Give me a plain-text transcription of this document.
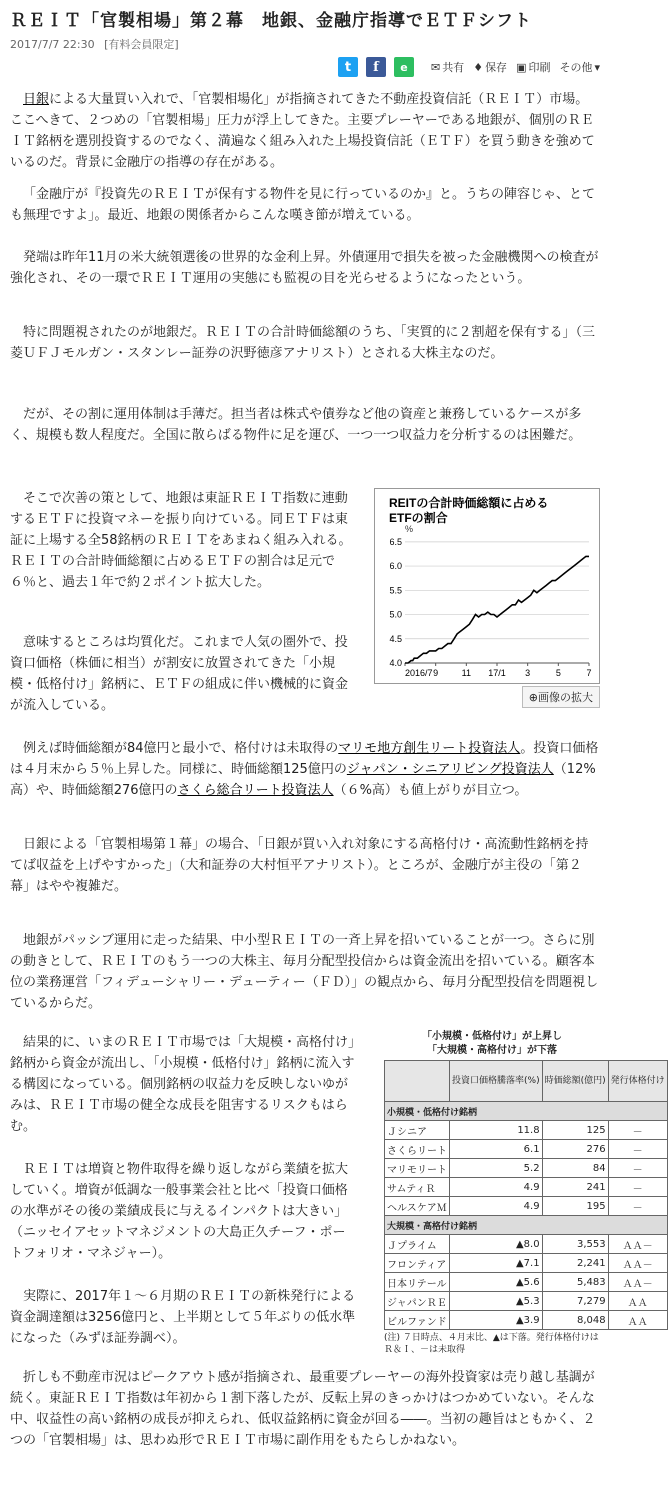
ＲＥＩＴ「官製相場」第２幕　地銀、金融庁指導でＥＴＦシフト
2017/7/7 22:30 [有料会員限定]
t	f	e	✉ 共有 ♦ 保存 ▣ 印刷 その他 ▾

日銀による大量買い入れで、「官製相場化」が指摘されてきた不動産投資信託（ＲＥＩＴ）市場。ここへきて、２つめの「官製相場」圧力が浮上してきた。主要プレーヤーである地銀が、個別のＲＥＩＴ銘柄を選別投資するのでなく、満遍なく組み入れた上場投資信託（ＥＴＦ）を買う動きを強めているのだ。背景に金融庁の指導の存在がある。

「金融庁が『投資先のＲＥＩＴが保有する物件を見に行っているのか』と。うちの陣容じゃ、とても無理ですよ」。最近、地銀の関係者からこんな嘆き節が増えている。

発端は昨年11月の米大統領選後の世界的な金利上昇。外債運用で損失を被った金融機関への検査が強化され、その一環でＲＥＩＴ運用の実態にも監視の目を光らせるようになったという。

特に問題視されたのが地銀だ。ＲＥＩＴの合計時価総額のうち、「実質的に２割超を保有する」（三菱ＵＦＪモルガン・スタンレー証券の沢野徳彦アナリスト）とされる大株主なのだ。

だが、その割に運用体制は手薄だ。担当者は株式や債券など他の資産と兼務しているケースが多く、規模も数人程度だ。全国に散らばる物件に足を運び、一つ一つ収益力を分析するのは困難だ。

そこで次善の策として、地銀は東証ＲＥＩＴ指数に連動するＥＴＦに投資マネーを振り向けている。同ＥＴＦは東証に上場する全58銘柄のＲＥＩＴをあまねく組み入れる。ＲＥＩＴの合計時価総額に占めるＥＴＦの割合は足元で６％と、過去１年で約２ポイント拡大した。

意味するところは均質化だ。これまで人気の圏外で、投資口価格（株価に相当）が割安に放置されてきた「小規模・低格付け」銘柄に、ＥＴＦの組成に伴い機械的に資金が流入している。

REITの合計時価総額に占める
ETFの割合
%
4.0
4.5
5.0
5.5
6.0
6.5
2016/7 9	11 17/1 3	5	7
⊕画像の拡大

例えば時価総額が84億円と最小で、格付けは未取得のマリモ地方創生リート投資法人。投資口価格は４月末から５％上昇した。同様に、時価総額125億円のジャパン・シニアリビング投資法人（12%高）や、時価総額276億円のさくら総合リート投資法人（６%高）も値上がりが目立つ。

日銀による「官製相場第１幕」の場合、「日銀が買い入れ対象にする高格付け・高流動性銘柄を持てば収益を上げやすかった」（大和証券の大村恒平アナリスト）。ところが、金融庁が主役の「第２幕」はやや複雑だ。

地銀がパッシブ運用に走った結果、中小型ＲＥＩＴの一斉上昇を招いていることが一つ。さらに別の動きとして、ＲＥＩＴのもう一つの大株主、毎月分配型投信からは資金流出を招いている。顧客本位の業務運営「フィデューシャリー・デューティー（ＦＤ）」の観点から、毎月分配型投信を問題視しているからだ。

結果的に、いまのＲＥＩＴ市場では「大規模・高格付け」銘柄から資金が流出し、「小規模・低格付け」銘柄に流入する構図になっている。個別銘柄の収益力を反映しないゆがみは、ＲＥＩＴ市場の健全な成長を阻害するリスクもはらむ。

ＲＥＩＴは増資と物件取得を繰り返しながら業績を拡大していく。増資が低調な一般事業会社と比べ「投資口価格の水準がその後の業績成長に与えるインパクトは大きい」（ニッセイアセットマネジメントの大島正久チーフ・ポートフォリオ・マネジャー）。

実際に、2017年１～６月期のＲＥＩＴの新株発行による資金調達額は3256億円と、上半期として５年ぶりの低水準になった（みずほ証券調べ）。

折しも不動産市況はピークアウト感が指摘され、最重要プレーヤーの海外投資家は売り越し基調が続く。東証ＲＥＩＴ指数は年初から１割下落したが、反転上昇のきっかけはつかめていない。そんな中、収益性の高い銘柄の成長が抑えられ、低収益銘柄に資金が回る――。当初の趣旨はともかく、２つの「官製相場」は、思わぬ形でＲＥＩＴ市場に副作用をもたらしかねない。

「小規模・低格付け」が上昇し
「大規模・高格付け」が下落
	投資口価格騰落率(%)	時価総額(億円)	発行体格付け
小規模・低格付け銘柄			
Ｊシニア	11.8	125	－
さくらリート	6.1	276	－
マリモリート	5.2	84	－
サムティＲ	4.9	241	－
ヘルスケアＭ	4.9	195	－
大規模・高格付け銘柄			
Ｊプライム	▲8.0	3,553	ＡＡ－
フロンティア	▲7.1	2,241	ＡＡ－
日本リテール	▲5.6	5,483	ＡＡ－
ジャパンＲＥ	▲5.3	7,279	ＡＡ
ビルファンド	▲3.9	8,048	ＡＡ
(注) ７日時点、４月末比、▲は下落。発行体格付けはＲ＆Ｉ、－は未取得
